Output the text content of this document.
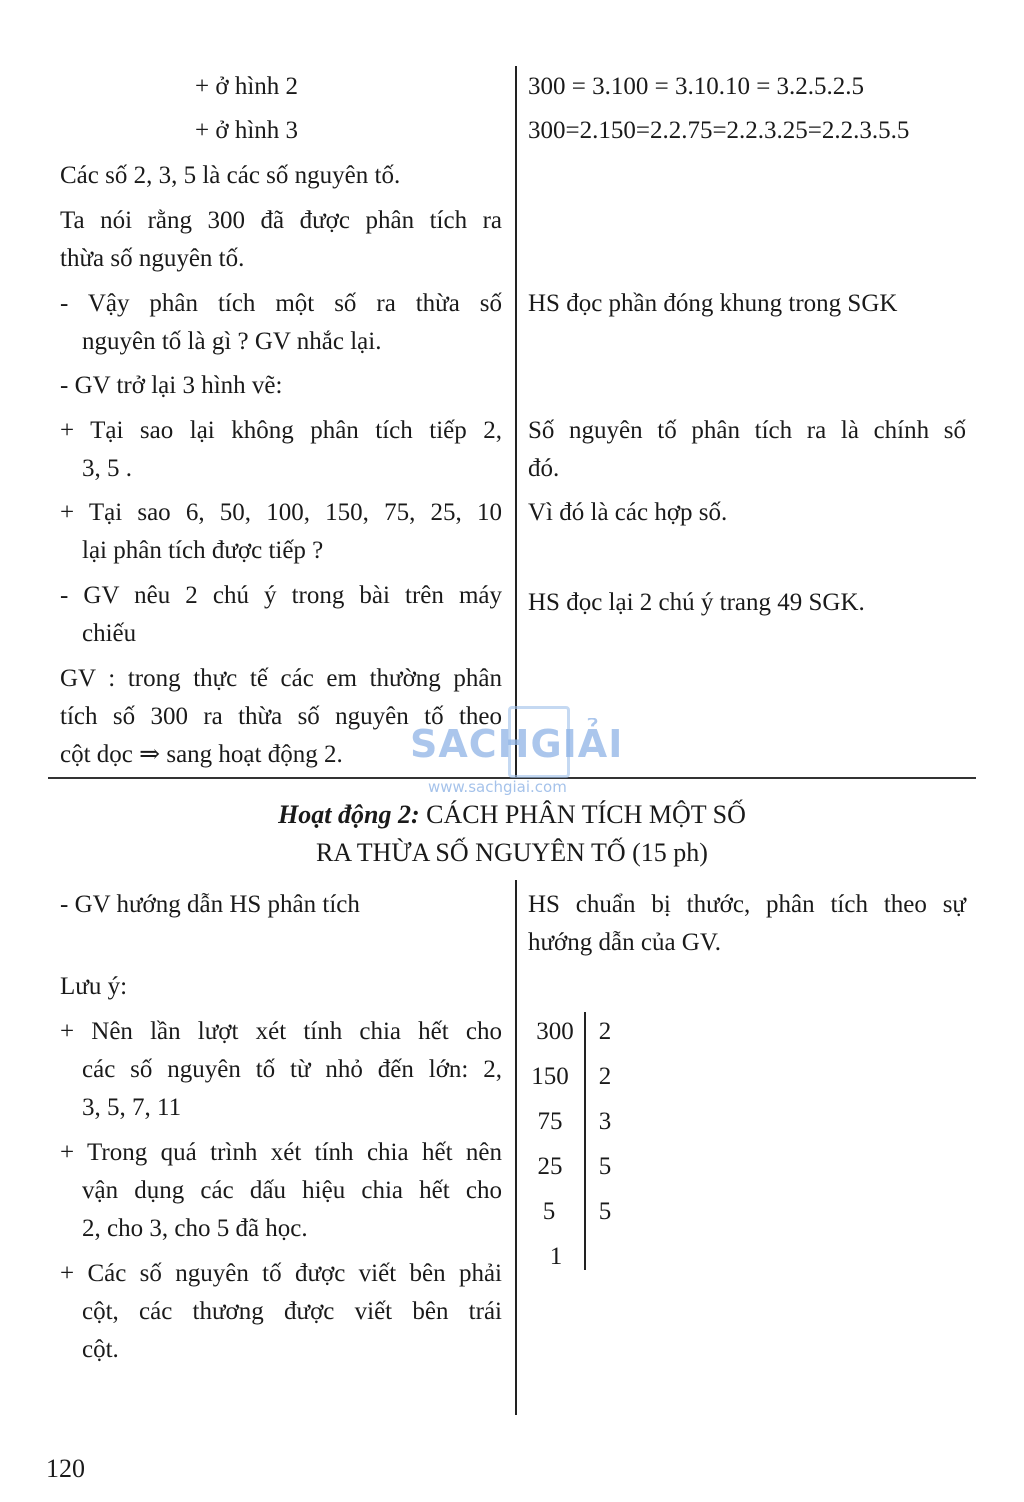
+ ở hình 2
+ ở hình 3
Các số 2, 3, 5 là các số nguyên tố.
Ta nói rằng 300 đã được phân tích ra
thừa số nguyên tố.
- Vậy phân tích một số ra thừa số
nguyên tố là gì ? GV nhắc lại.
- GV trở lại 3 hình vẽ:
+ Tại sao lại không phân tích tiếp 2,
3, 5 .
+ Tại sao 6, 50, 100, 150, 75, 25, 10
lại phân tích được tiếp ?
- GV nêu 2 chú ý trong bài trên máy
chiếu
GV : trong thực tế các em thường phân
tích số 300 ra thừa số nguyên tố theo
cột dọc ⇒ sang hoạt động 2.
300 = 3.100 = 3.10.10 = 3.2.5.2.5
300=2.150=2.2.75=2.2.3.25=2.2.3.5.5
HS đọc phần đóng khung trong SGK
Số nguyên tố phân tích ra là chính số
đó.
Vì đó là các hợp số.
HS đọc lại 2 chú ý trang 49 SGK.
SACHGIẢI
www.sachgiai.com
Hoạt động 2: CÁCH PHÂN TÍCH MỘT SỐ
RA THỪA SỐ NGUYÊN TỐ (15 ph)
- GV hướng dẫn HS phân tích
Lưu ý:
+ Nên lần lượt xét tính chia hết cho
các số nguyên tố từ nhỏ đến lớn: 2,
3, 5, 7, 11
+ Trong quá trình xét tính chia hết nên
vận dụng các dấu hiệu chia hết cho
2, cho 3, cho 5 đã học.
+ Các số nguyên tố được viết bên phải
cột, các thương được viết bên trái
cột.
HS chuẩn bị thước, phân tích theo sự
hướng dẫn của GV.
300
150
75
25
5
1
2
2
3
5
5
120
